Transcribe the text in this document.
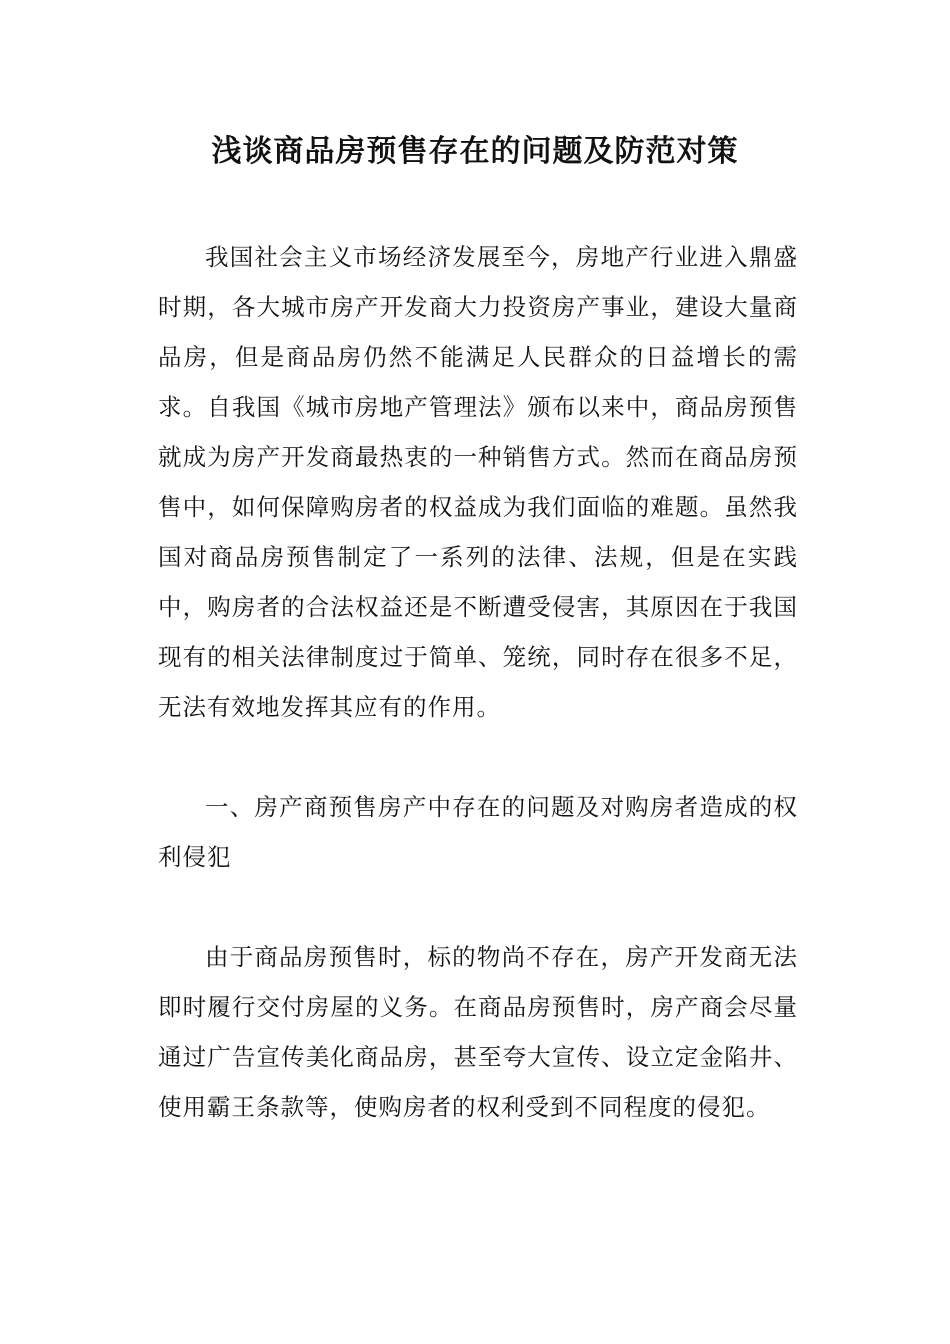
浅谈商品房预售存在的问题及防范对策

我国社会主义市场经济发展至今，房地产行业进入鼎盛时期，各大城市房产开发商大力投资房产事业，建设大量商品房，但是商品房仍然不能满足人民群众的日益增长的需求。自我国《城市房地产管理法》颁布以来中，商品房预售就成为房产开发商最热衷的一种销售方式。然而在商品房预售中，如何保障购房者的权益成为我们面临的难题。虽然我国对商品房预售制定了一系列的法律、法规，但是在实践中，购房者的合法权益还是不断遭受侵害，其原因在于我国现有的相关法律制度过于简单、笼统，同时存在很多不足，无法有效地发挥其应有的作用。

一、房产商预售房产中存在的问题及对购房者造成的权利侵犯

由于商品房预售时，标的物尚不存在，房产开发商无法即时履行交付房屋的义务。在商品房预售时，房产商会尽量通过广告宣传美化商品房，甚至夸大宣传、设立定金陷井、使用霸王条款等，使购房者的权利受到不同程度的侵犯。
